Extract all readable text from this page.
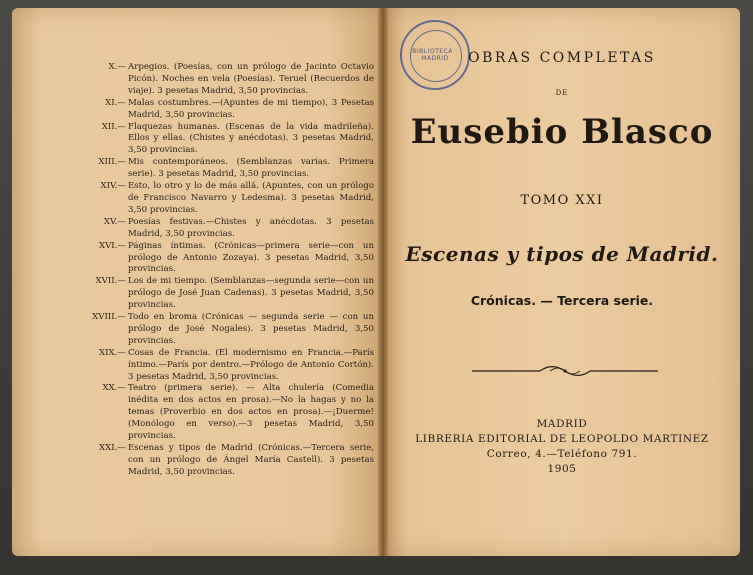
X.— Arpegios. (Poesías, con un prólogo de Jacinto Octavio Picón). Noches en vela (Poesías). Teruel (Recuerdos de viaje). 3 pesetas Madrid, 3,50 provincias.
XI.— Malas costumbres.—(Apuntes de mi tiempo), 3 Pesetas Madrid, 3,50 provincias.
XII.— Flaquezas humanas. (Escenas de la vida madrileña). Ellos y ellas. (Chistes y anécdotas). 3 pesetas Madrid, 3,50 provincias.
XIII.— Mis contemporáneos. (Semblanzas varias. Primera serie). 3 pesetas Madrid, 3,50 provincias.
XIV.— Esto, lo otro y lo de más allá. (Apuntes, con un prólogo de Francisco Navarro y Ledesma). 3 pesetas Madrid, 3,50 provincias.
XV.— Poesías festivas.—Chistes y anécdotas. 3 pesetas Madrid, 3,50 provincias.
XVI.— Páginas íntimas. (Crónicas—primera serie—con un prólogo de Antonio Zozaya). 3 pesetas Madrid, 3,50 provincias.
XVII.— Los de mi tiempo. (Semblanzas—segunda serie—con un prólogo de José Juan Cadenas). 3 pesetas Madrid, 3,50 provincias.
XVIII.— Todo en broma (Crónicas — segunda serie — con un prólogo de José Nogales). 3 pesetas Madrid, 3,50 provincias.
XIX.— Cosas de Francia. (El modernismo en Francia.—París íntimo.—París por dentro.—Prólogo de Antonio Cortón). 3 pesetas Madrid, 3,50 provincias.
XX.— Teatro (primera serie). — Alta chulería (Comedia inédita en dos actos en prosa).—No la hagas y no la temas (Proverbio en dos actos en prosa).—¡Duerme! (Monólogo en verso).—3 pesetas Madrid, 3,50 provincias.
XXI.— Escenas y tipos de Madrid (Crónicas.—Tercera serie, con un prólogo de Ángel María Castell). 3 pesetas Madrid, 3,50 provincias.
BIBLIOTECA · MADRID	OBRAS COMPLETAS
DE
Eusebio Blasco
TOMO XXI
Escenas y tipos de Madrid.
Crónicas. — Tercera serie.
MADRID
LIBRERIA EDITORIAL DE LEOPOLDO MARTINEZ
Correo, 4.—Teléfono 791.
1905
